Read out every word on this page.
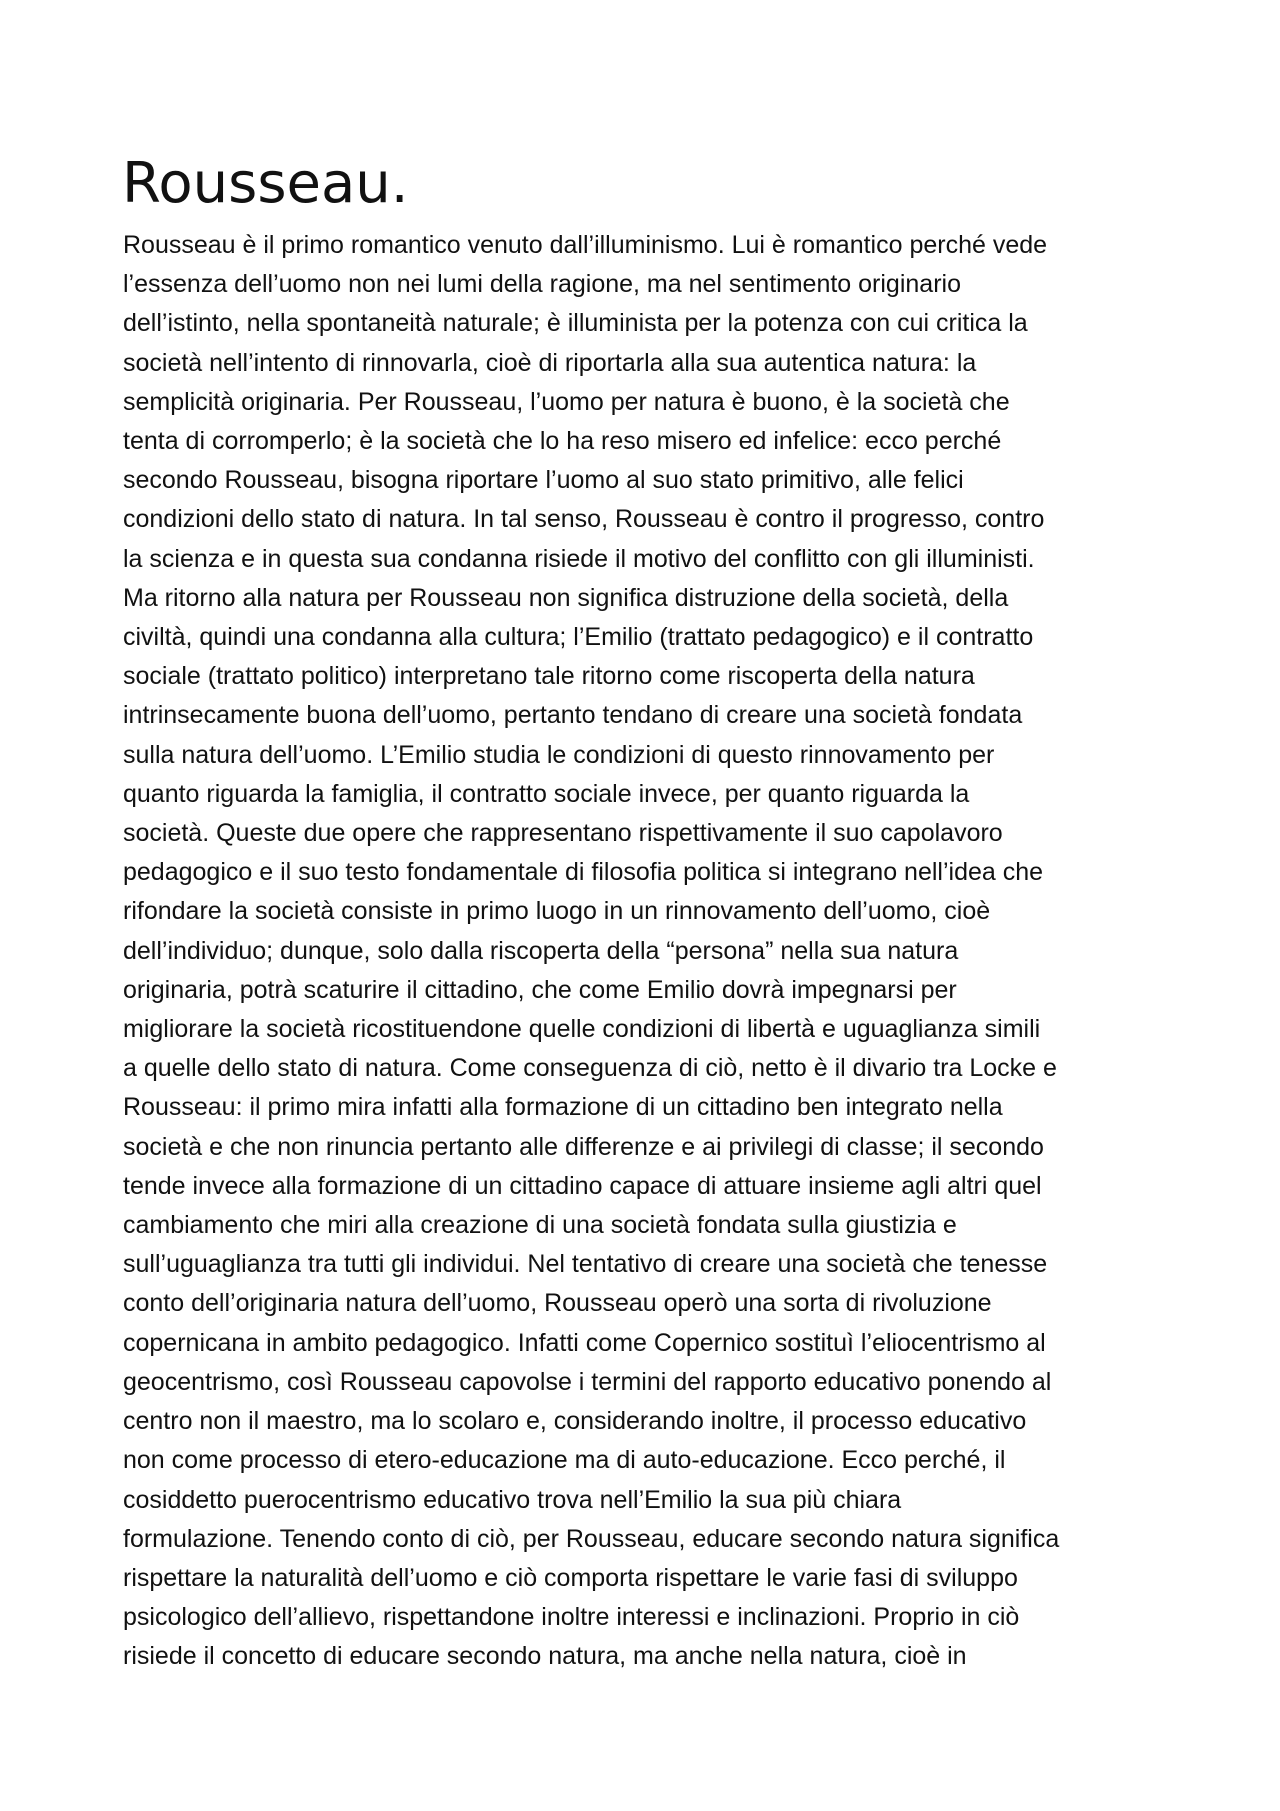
Rousseau.
Rousseau è il primo romantico venuto dall’illuminismo. Lui è romantico perché vede
l’essenza dell’uomo non nei lumi della ragione, ma nel sentimento originario
dell’istinto, nella spontaneità naturale; è illuminista per la potenza con cui critica la
società nell’intento di rinnovarla, cioè di riportarla alla sua autentica natura: la
semplicità originaria. Per Rousseau, l’uomo per natura è buono, è la società che
tenta di corromperlo; è la società che lo ha reso misero ed infelice: ecco perché
secondo Rousseau, bisogna riportare l’uomo al suo stato primitivo, alle felici
condizioni dello stato di natura. In tal senso, Rousseau è contro il progresso, contro
la scienza e in questa sua condanna risiede il motivo del conflitto con gli illuministi.
Ma ritorno alla natura per Rousseau non significa distruzione della società, della
civiltà, quindi una condanna alla cultura; l’Emilio (trattato pedagogico) e il contratto
sociale (trattato politico) interpretano tale ritorno come riscoperta della natura
intrinsecamente buona dell’uomo, pertanto tendano di creare una società fondata
sulla natura dell’uomo. L’Emilio studia le condizioni di questo rinnovamento per
quanto riguarda la famiglia, il contratto sociale invece, per quanto riguarda la
società. Queste due opere che rappresentano rispettivamente il suo capolavoro
pedagogico e il suo testo fondamentale di filosofia politica si integrano nell’idea che
rifondare la società consiste in primo luogo in un rinnovamento dell’uomo, cioè
dell’individuo; dunque, solo dalla riscoperta della “persona” nella sua natura
originaria, potrà scaturire il cittadino, che come Emilio dovrà impegnarsi per
migliorare la società ricostituendone quelle condizioni di libertà e uguaglianza simili
a quelle dello stato di natura. Come conseguenza di ciò, netto è il divario tra Locke e
Rousseau: il primo mira infatti alla formazione di un cittadino ben integrato nella
società e che non rinuncia pertanto alle differenze e ai privilegi di classe; il secondo
tende invece alla formazione di un cittadino capace di attuare insieme agli altri quel
cambiamento che miri alla creazione di una società fondata sulla giustizia e
sull’uguaglianza tra tutti gli individui. Nel tentativo di creare una società che tenesse
conto dell’originaria natura dell’uomo, Rousseau operò una sorta di rivoluzione
copernicana in ambito pedagogico. Infatti come Copernico sostituì l’eliocentrismo al
geocentrismo, così Rousseau capovolse i termini del rapporto educativo ponendo al
centro non il maestro, ma lo scolaro e, considerando inoltre, il processo educativo
non come processo di etero-educazione ma di auto-educazione. Ecco perché, il
cosiddetto puerocentrismo educativo trova nell’Emilio la sua più chiara
formulazione. Tenendo conto di ciò, per Rousseau, educare secondo natura significa
rispettare la naturalità dell’uomo e ciò comporta rispettare le varie fasi di sviluppo
psicologico dell’allievo, rispettandone inoltre interessi e inclinazioni. Proprio in ciò
risiede il concetto di educare secondo natura, ma anche nella natura, cioè in
